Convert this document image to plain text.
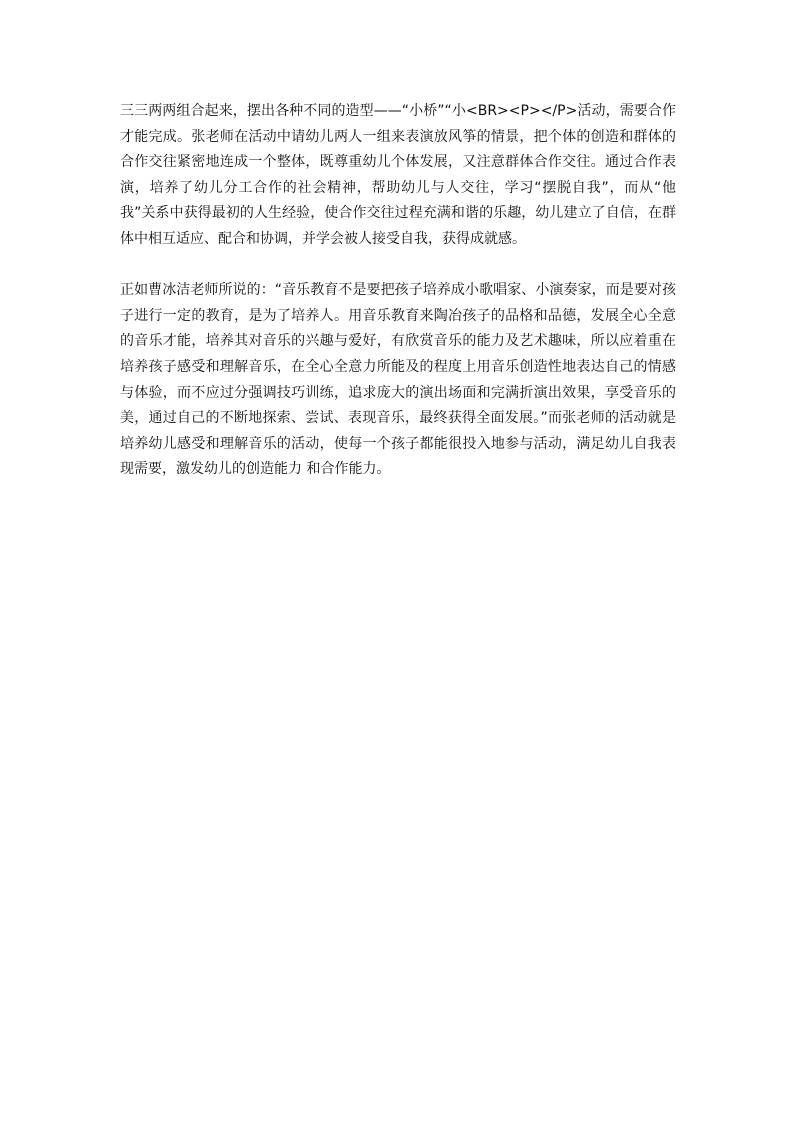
三三两两组合起来，摆出各种不同的造型——“小桥”“小<BR><P></P>活动，需要合作才能完成。张老师在活动中请幼儿两人一组来表演放风筝的情景，把个体的创造和群体的合作交往紧密地连成一个整体，既尊重幼儿个体发展，又注意群体合作交往。通过合作表演，培养了幼儿分工合作的社会精神，帮助幼儿与人交往，学习“摆脱自我”，而从“他我”关系中获得最初的人生经验，使合作交往过程充满和谐的乐趣，幼儿建立了自信，在群体中相互适应、配合和协调，并学会被人接受自我，获得成就感。

正如曹冰洁老师所说的：“音乐教育不是要把孩子培养成小歌唱家、小演奏家，而是要对孩子进行一定的教育，是为了培养人。用音乐教育来陶冶孩子的品格和品德，发展全心全意的音乐才能，培养其对音乐的兴趣与爱好，有欣赏音乐的能力及艺术趣味，所以应着重在培养孩子感受和理解音乐，在全心全意力所能及的程度上用音乐创造性地表达自己的情感与体验，而不应过分强调技巧训练，追求庞大的演出场面和完满折演出效果，享受音乐的美，通过自己的不断地探索、尝试、表现音乐，最终获得全面发展。”而张老师的活动就是培养幼儿感受和理解音乐的活动，使每一个孩子都能很投入地参与活动，满足幼儿自我表现需要，激发幼儿的创造能力 和合作能力。
